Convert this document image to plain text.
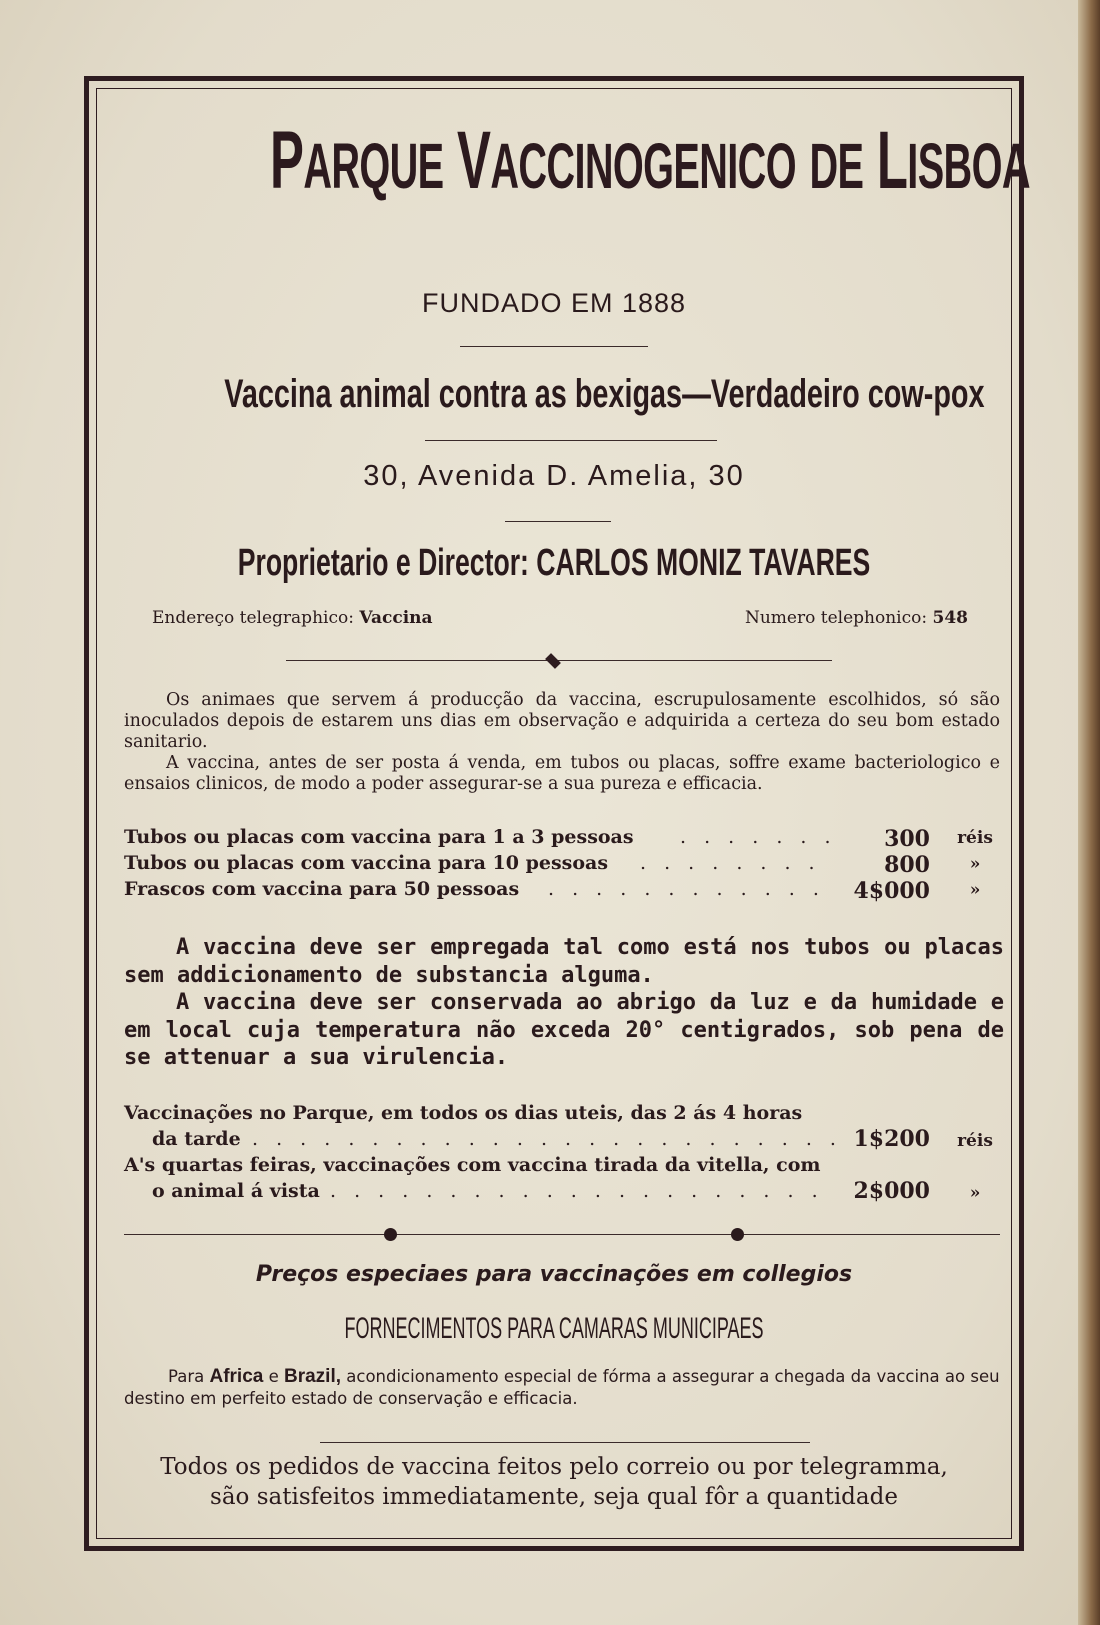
PARQUE VACCINOGENICO DE LISBOA
FUNDADO EM 1888
Vaccina animal contra as bexigas—Verdadeiro cow-pox
30, Avenida D. Amelia, 30
Proprietario e Director: CARLOS MONIZ TAVARES
Endereço telegraphico: Vaccina	Numero telephonico: 548
Os animaes que servem á producção da vaccina, escrupulosamente escolhidos, só são inoculados depois de estarem uns dias em observação e adquirida a certeza do seu bom estado sanitario.
A vaccina, antes de ser posta á venda, em tubos ou placas, soffre exame bacteriologico e ensaios clinicos, de modo a poder assegurar-se a sua pureza e efficacia.
Tubos ou placas com vaccina para 1 a 3 pessoas . . . . . . . 300	réis
Tubos ou placas com vaccina para 10 pessoas . . . . . . . .	800	»
Frascos com vaccina para 50 pessoas . . . . . . . . . . . . 4$000	»
A vaccina deve ser empregada tal como está nos tubos ou placas sem addicionamento de substancia alguma.
A vaccina deve ser conservada ao abrigo da luz e da humidade e em local cuja temperatura não exceda 20° centigrados, sob pena de se attenuar a sua virulencia.
Vaccinações no Parque, em todos os dias uteis, das 2 ás 4 horas
da tarde . . . . . . . . . . . . . . . . . . . . . . . . . 1$200	réis
A's quartas feiras, vaccinações com vaccina tirada da vitella, com
o animal á vista . . . . . . . . . . . . . . . . . . . . . 2$000	»
Preços especiaes para vaccinações em collegios
FORNECIMENTOS PARA CAMARAS MUNICIPAES
Para Africa e Brazil, acondicionamento especial de fórma a assegurar a chegada da vaccina ao seu destino em perfeito estado de conservação e efficacia.
Todos os pedidos de vaccina feitos pelo correio ou por telegramma,
são satisfeitos immediatamente, seja qual fôr a quantidade
